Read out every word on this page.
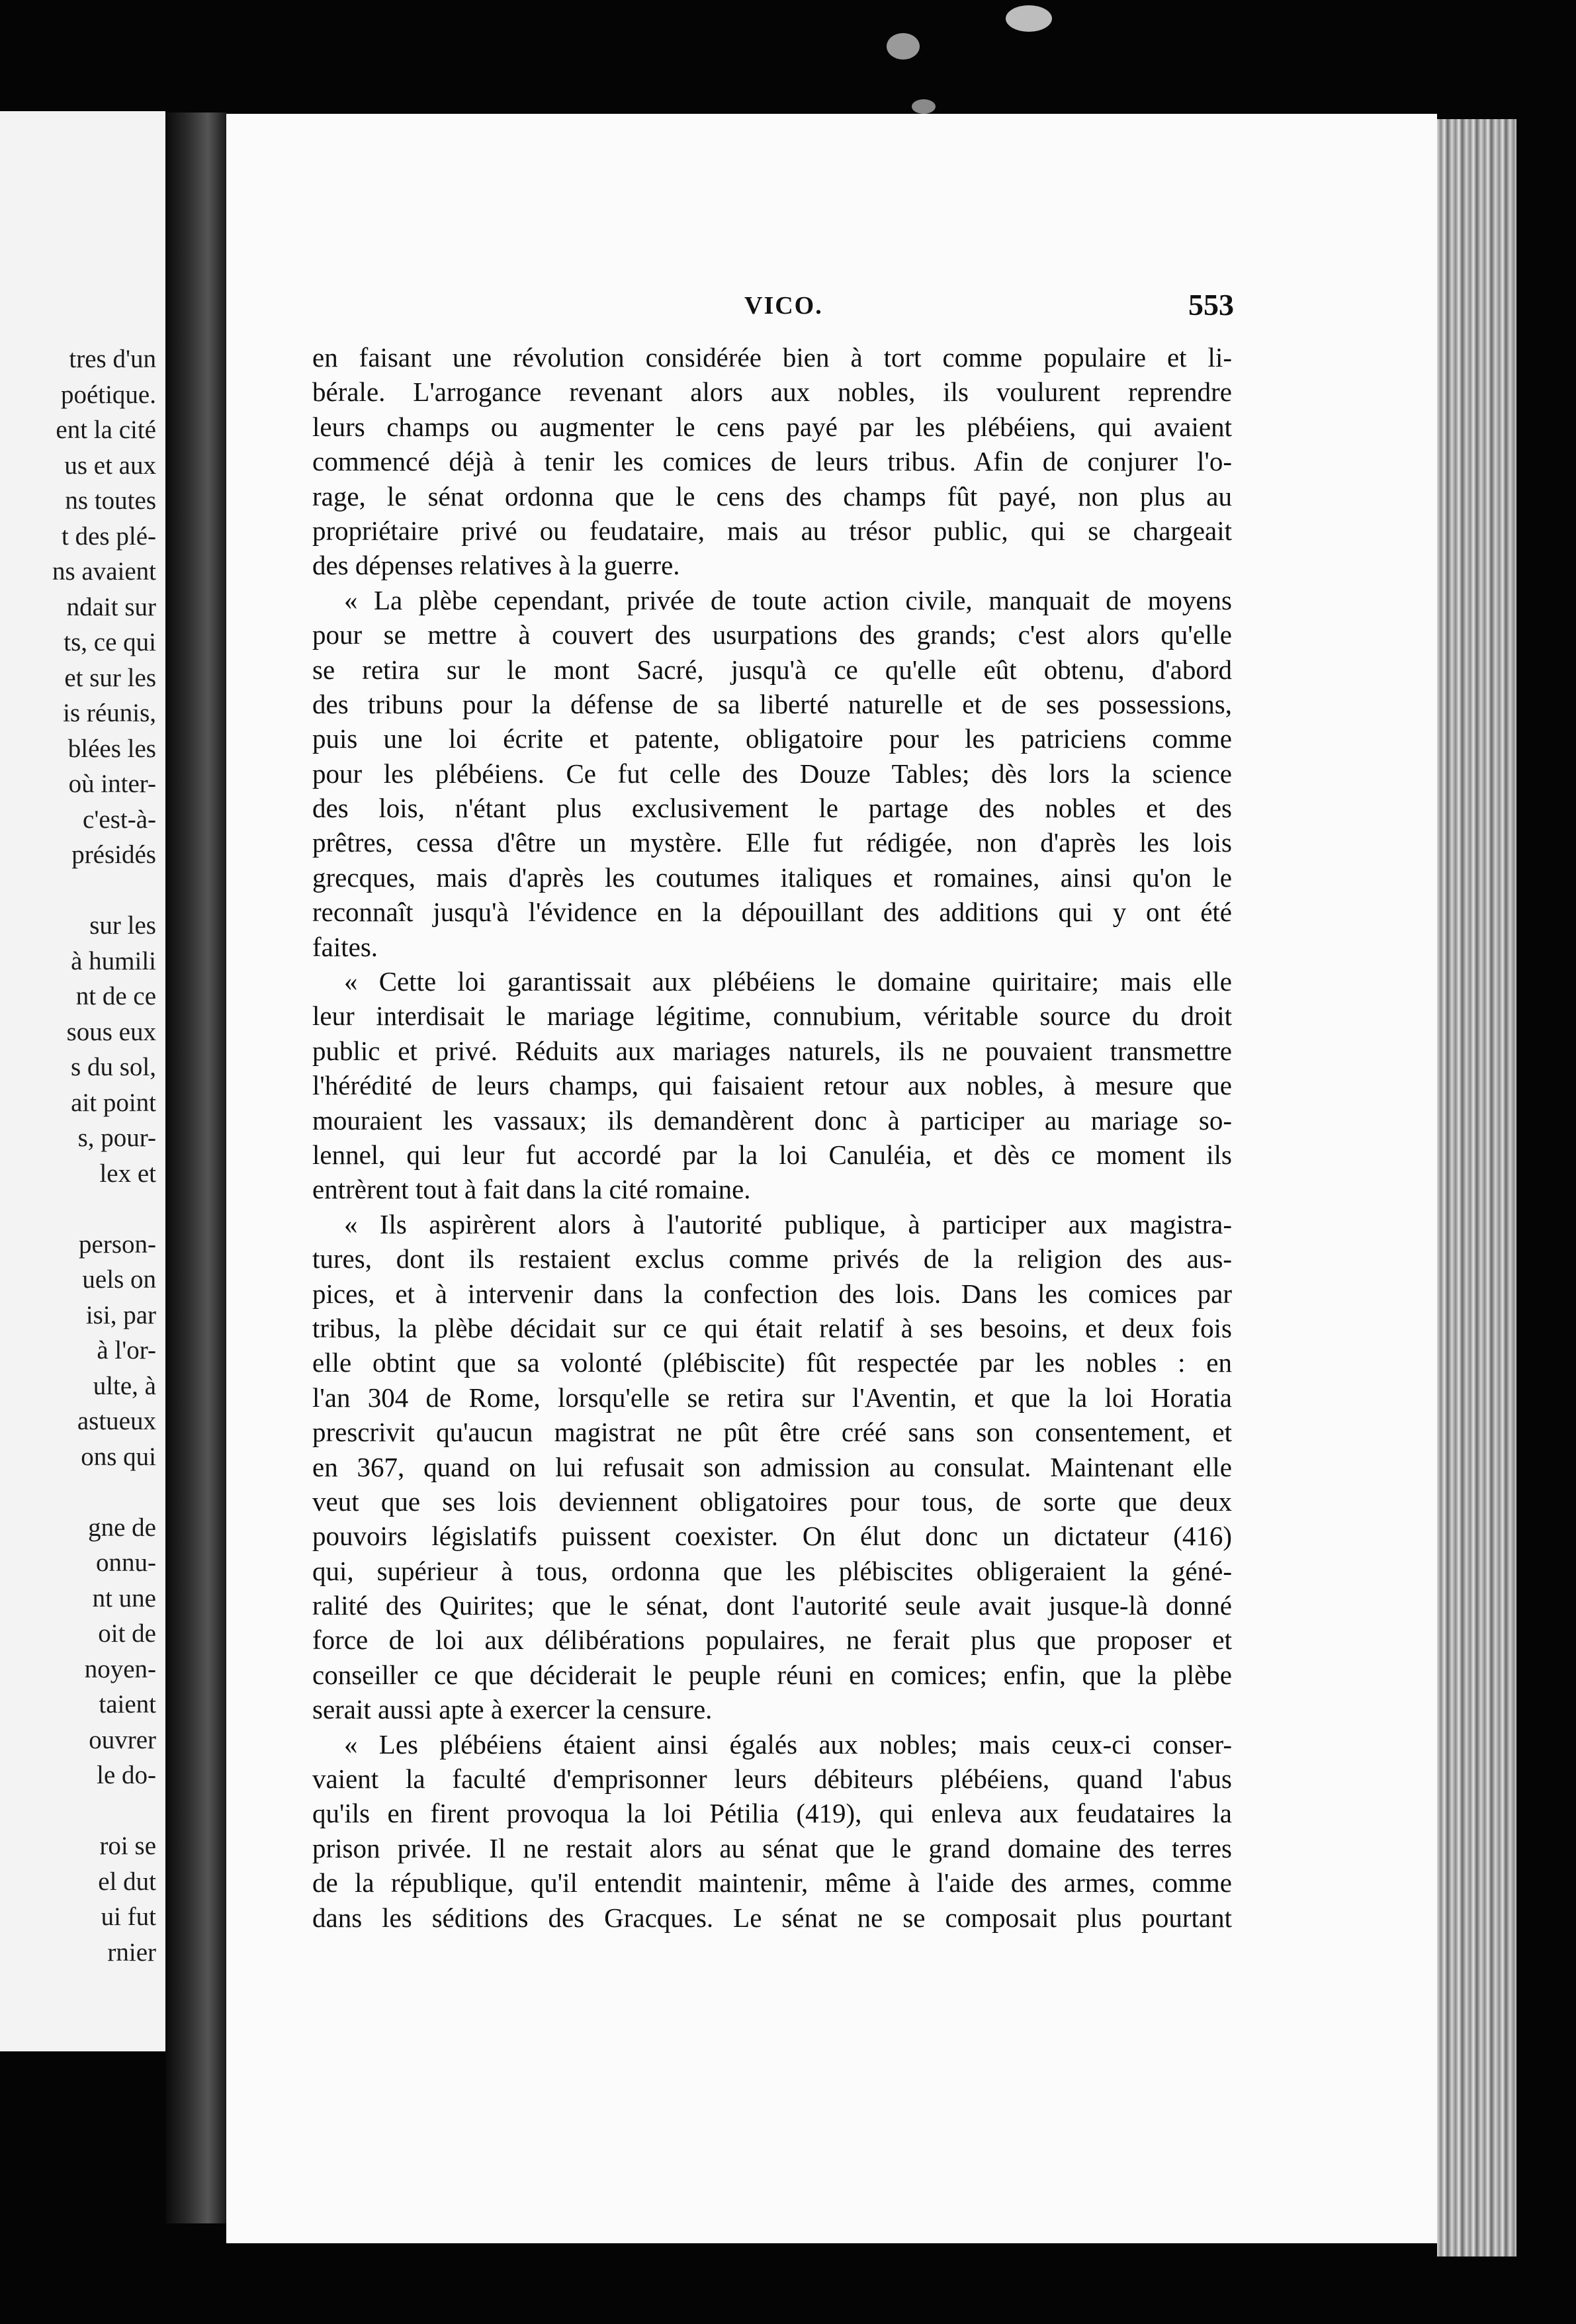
tres d'un
poétique.
ent la cité
us et aux
ns toutes
t des plé-
ns avaient
ndait sur
ts, ce qui
et sur les
is réunis,
blées les
où inter-
c'est-à-
présidés

sur les
à humili
nt de ce
sous eux
s du sol,
ait point
s, pour-
lex et

person-
uels on
isi, par
à l'or-
ulte, à
astueux
ons qui

gne de
onnu-
nt une
oit de
noyen-
taient
ouvrer
le do-

roi se
el dut
ui fut
rnier
VICO.	553
en faisant une révolution considérée bien à tort comme populaire et li-
bérale. L'arrogance revenant alors aux nobles, ils voulurent reprendre
leurs champs ou augmenter le cens payé par les plébéiens, qui avaient
commencé déjà à tenir les comices de leurs tribus. Afin de conjurer l'o-
rage, le sénat ordonna que le cens des champs fût payé, non plus au
propriétaire privé ou feudataire, mais au trésor public, qui se chargeait
des dépenses relatives à la guerre.
« La plèbe cependant, privée de toute action civile, manquait de moyens
pour se mettre à couvert des usurpations des grands; c'est alors qu'elle
se retira sur le mont Sacré, jusqu'à ce qu'elle eût obtenu, d'abord
des tribuns pour la défense de sa liberté naturelle et de ses possessions,
puis une loi écrite et patente, obligatoire pour les patriciens comme
pour les plébéiens. Ce fut celle des Douze Tables; dès lors la science
des lois, n'étant plus exclusivement le partage des nobles et des
prêtres, cessa d'être un mystère. Elle fut rédigée, non d'après les lois
grecques, mais d'après les coutumes italiques et romaines, ainsi qu'on le
reconnaît jusqu'à l'évidence en la dépouillant des additions qui y ont été
faites.
« Cette loi garantissait aux plébéiens le domaine quiritaire; mais elle
leur interdisait le mariage légitime, connubium, véritable source du droit
public et privé. Réduits aux mariages naturels, ils ne pouvaient transmettre
l'hérédité de leurs champs, qui faisaient retour aux nobles, à mesure que
mouraient les vassaux; ils demandèrent donc à participer au mariage so-
lennel, qui leur fut accordé par la loi Canuléia, et dès ce moment ils
entrèrent tout à fait dans la cité romaine.
« Ils aspirèrent alors à l'autorité publique, à participer aux magistra-
tures, dont ils restaient exclus comme privés de la religion des aus-
pices, et à intervenir dans la confection des lois. Dans les comices par
tribus, la plèbe décidait sur ce qui était relatif à ses besoins, et deux fois
elle obtint que sa volonté (plébiscite) fût respectée par les nobles : en
l'an 304 de Rome, lorsqu'elle se retira sur l'Aventin, et que la loi Horatia
prescrivit qu'aucun magistrat ne pût être créé sans son consentement, et
en 367, quand on lui refusait son admission au consulat. Maintenant elle
veut que ses lois deviennent obligatoires pour tous, de sorte que deux
pouvoirs législatifs puissent coexister. On élut donc un dictateur (416)
qui, supérieur à tous, ordonna que les plébiscites obligeraient la géné-
ralité des Quirites; que le sénat, dont l'autorité seule avait jusque-là donné
force de loi aux délibérations populaires, ne ferait plus que proposer et
conseiller ce que déciderait le peuple réuni en comices; enfin, que la plèbe
serait aussi apte à exercer la censure.
« Les plébéiens étaient ainsi égalés aux nobles; mais ceux-ci conser-
vaient la faculté d'emprisonner leurs débiteurs plébéiens, quand l'abus
qu'ils en firent provoqua la loi Pétilia (419), qui enleva aux feudataires la
prison privée. Il ne restait alors au sénat que le grand domaine des terres
de la république, qu'il entendit maintenir, même à l'aide des armes, comme
dans les séditions des Gracques. Le sénat ne se composait plus pourtant
